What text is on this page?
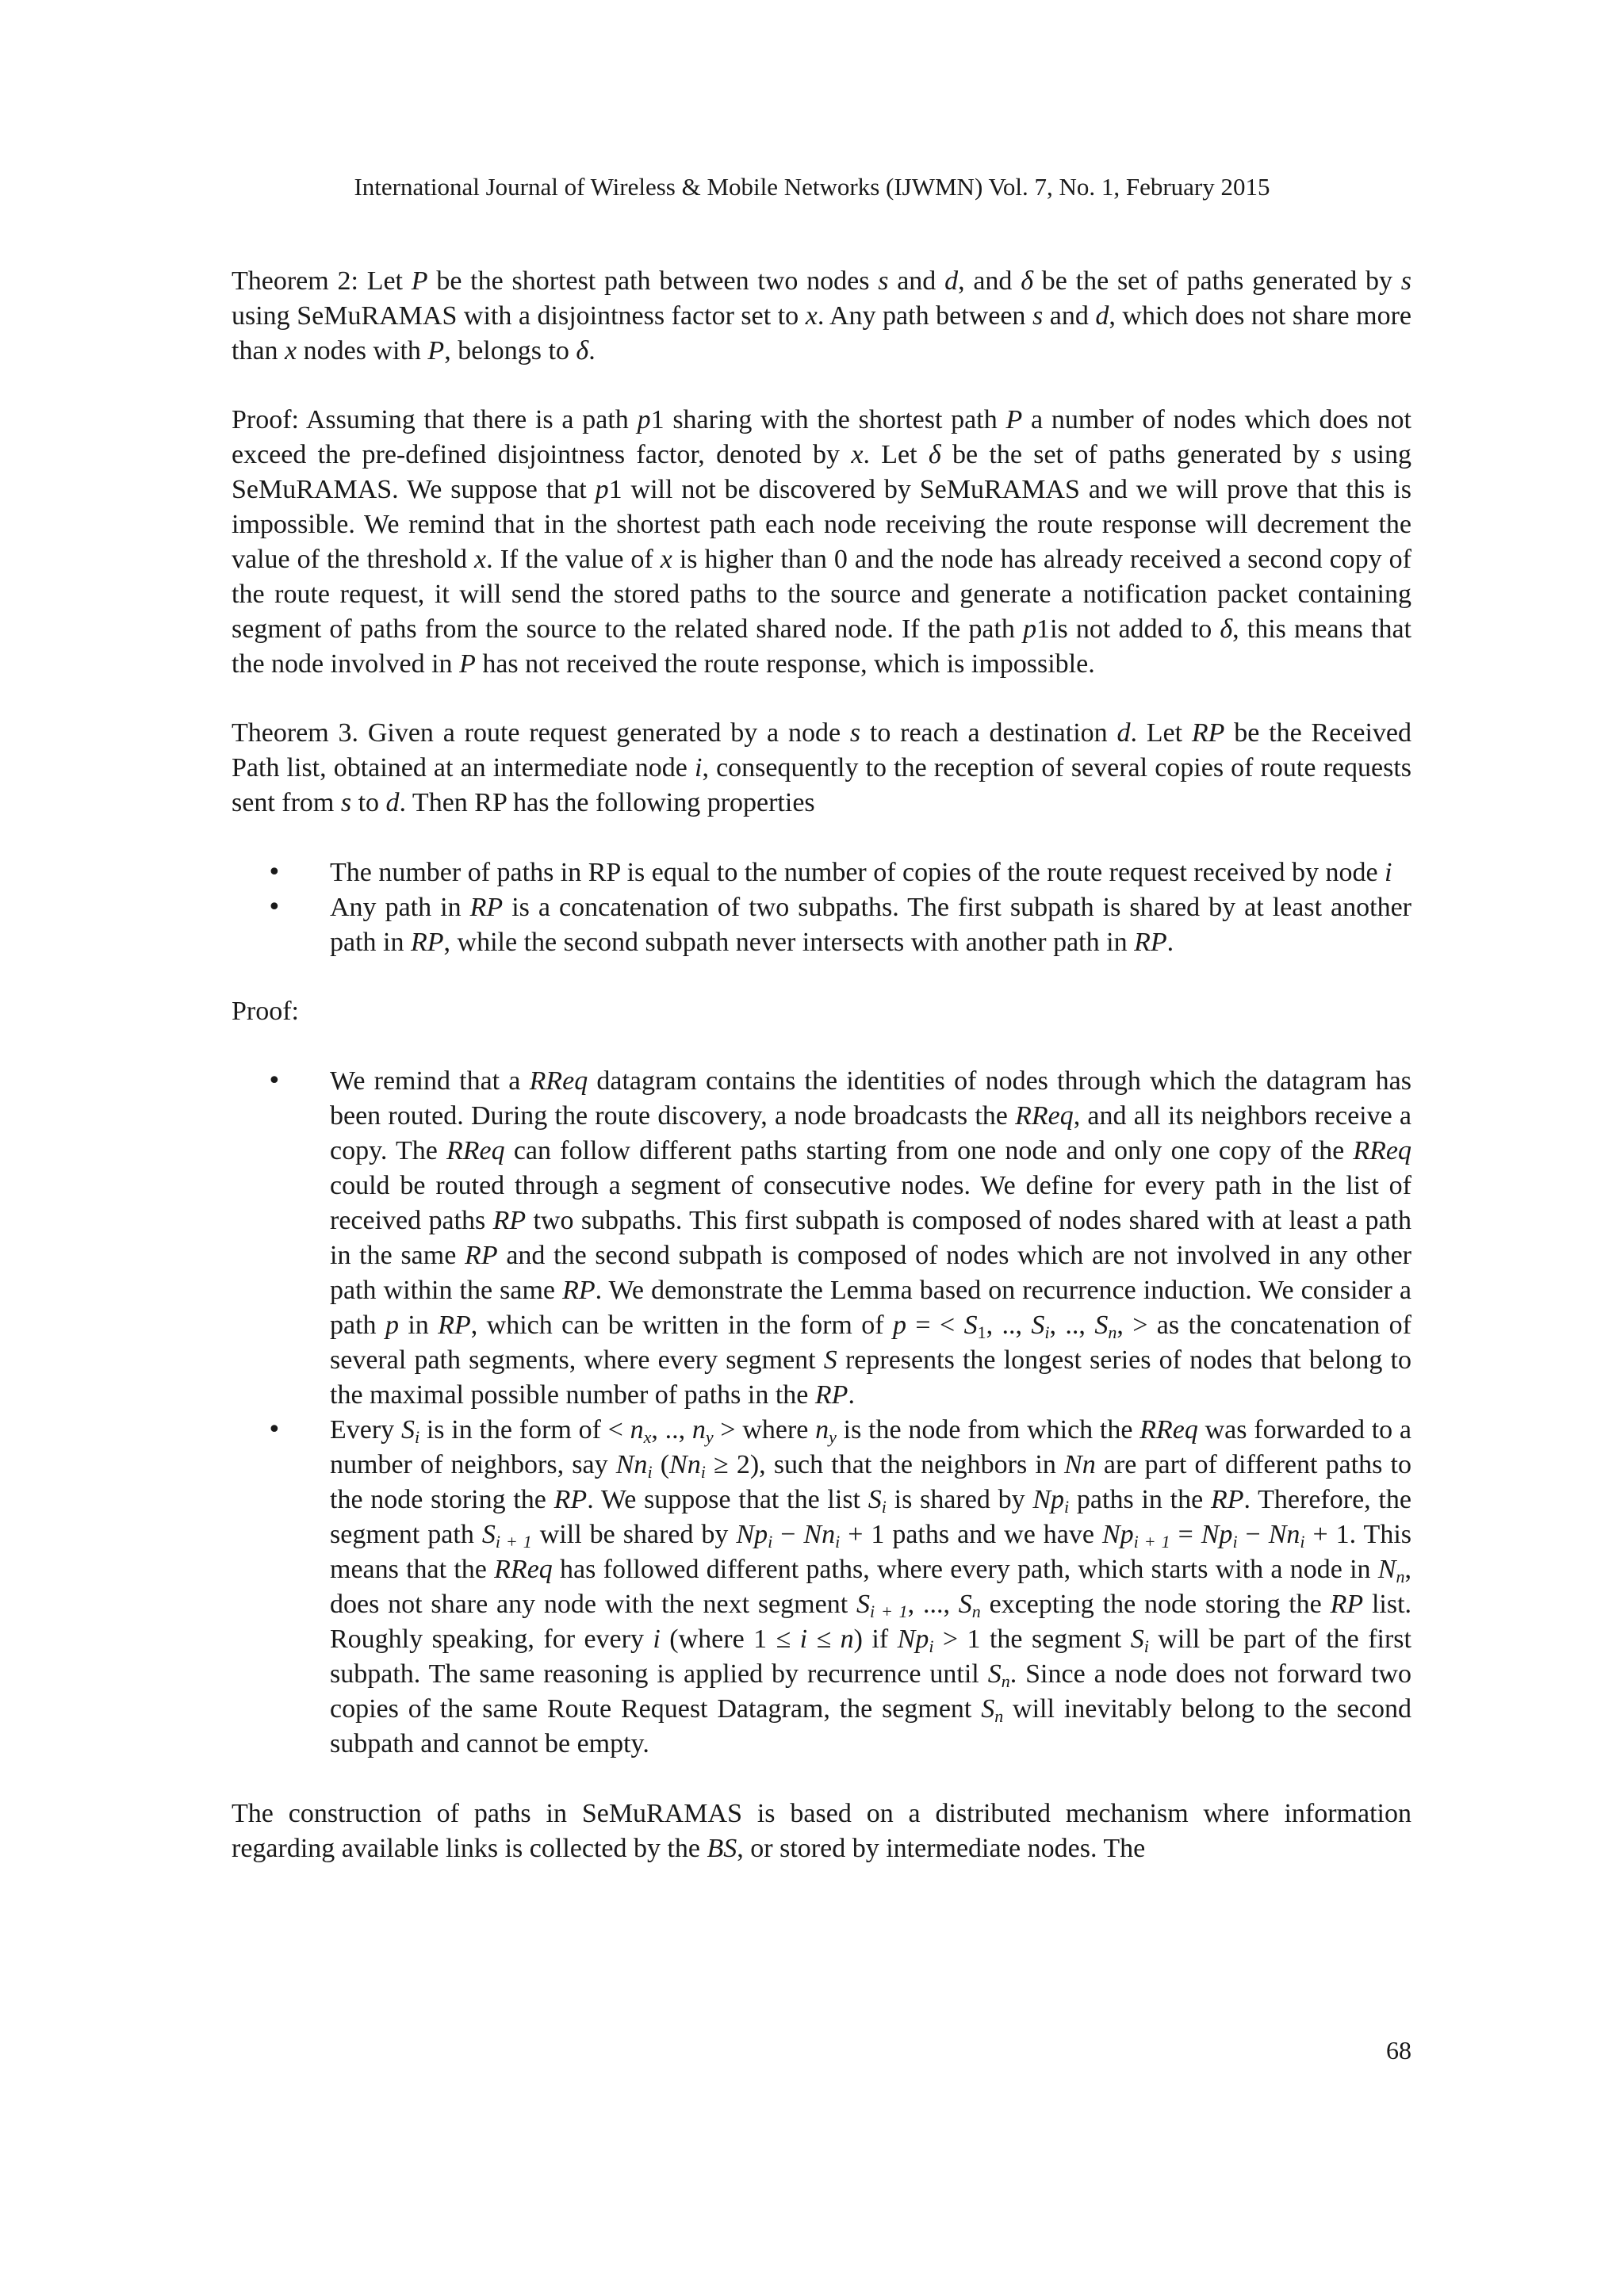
International Journal of Wireless & Mobile Networks (IJWMN) Vol. 7, No. 1, February 2015

Theorem 2: Let P be the shortest path between two nodes s and d, and δ be the set of paths generated by s using SeMuRAMAS with a disjointness factor set to x. Any path between s and d, which does not share more than x nodes with P, belongs to δ.

Proof: Assuming that there is a path p1 sharing with the shortest path P a number of nodes which does not exceed the pre-defined disjointness factor, denoted by x. Let δ be the set of paths generated by s using SeMuRAMAS. We suppose that p1 will not be discovered by SeMuRAMAS and we will prove that this is impossible. We remind that in the shortest path each node receiving the route response will decrement the value of the threshold x. If the value of x is higher than 0 and the node has already received a second copy of the route request, it will send the stored paths to the source and generate a notification packet containing segment of paths from the source to the related shared node. If the path p1is not added to δ, this means that the node involved in P has not received the route response, which is impossible.

Theorem 3. Given a route request generated by a node s to reach a destination d. Let RP be the Received Path list, obtained at an intermediate node i, consequently to the reception of several copies of route requests sent from s to d. Then RP has the following properties

• The number of paths in RP is equal to the number of copies of the route request received by node i
• Any path in RP is a concatenation of two subpaths. The first subpath is shared by at least another path in RP, while the second subpath never intersects with another path in RP.

Proof:

• We remind that a RReq datagram contains the identities of nodes through which the datagram has been routed. During the route discovery, a node broadcasts the RReq, and all its neighbors receive a copy. The RReq can follow different paths starting from one node and only one copy of the RReq could be routed through a segment of consecutive nodes. We define for every path in the list of received paths RP two subpaths. This first subpath is composed of nodes shared with at least a path in the same RP and the second subpath is composed of nodes which are not involved in any other path within the same RP. We demonstrate the Lemma based on recurrence induction. We consider a path p in RP, which can be written in the form of p = < $S_1$, .., $S_i$, .., $S_n$, > as the concatenation of several path segments, where every segment S represents the longest series of nodes that belong to the maximal possible number of paths in the RP.
• Every $S_i$ is in the form of < $n_x$, .., $n_y$ > where $n_y$ is the node from which the RReq was forwarded to a number of neighbors, say $Nn_i$ $(Nn_i \ge 2)$, such that the neighbors in Nn are part of different paths to the node storing the RP. We suppose that the list $S_i$ is shared by $Np_i$ paths in the RP. Therefore, the segment path $S_{i + 1}$ will be shared by $Np_i - Nn_i + 1$ paths and we have $Np_{i + 1} = Np_i - Nn_i + 1$. This means that the RReq has followed different paths, where every path, which starts with a node in $N_n$, does not share any node with the next segment $S_{i + 1}$, ..., $S_n$ excepting the node storing the RP list. Roughly speaking, for every i (where 1 ≤ i ≤ n) if $Np_i > 1$ the segment $S_i$ will be part of the first subpath. The same reasoning is applied by recurrence until $S_n$. Since a node does not forward two copies of the same Route Request Datagram, the segment $S_n$ will inevitably belong to the second subpath and cannot be empty.

The construction of paths in SeMuRAMAS is based on a distributed mechanism where information regarding available links is collected by the BS, or stored by intermediate nodes. The

68
